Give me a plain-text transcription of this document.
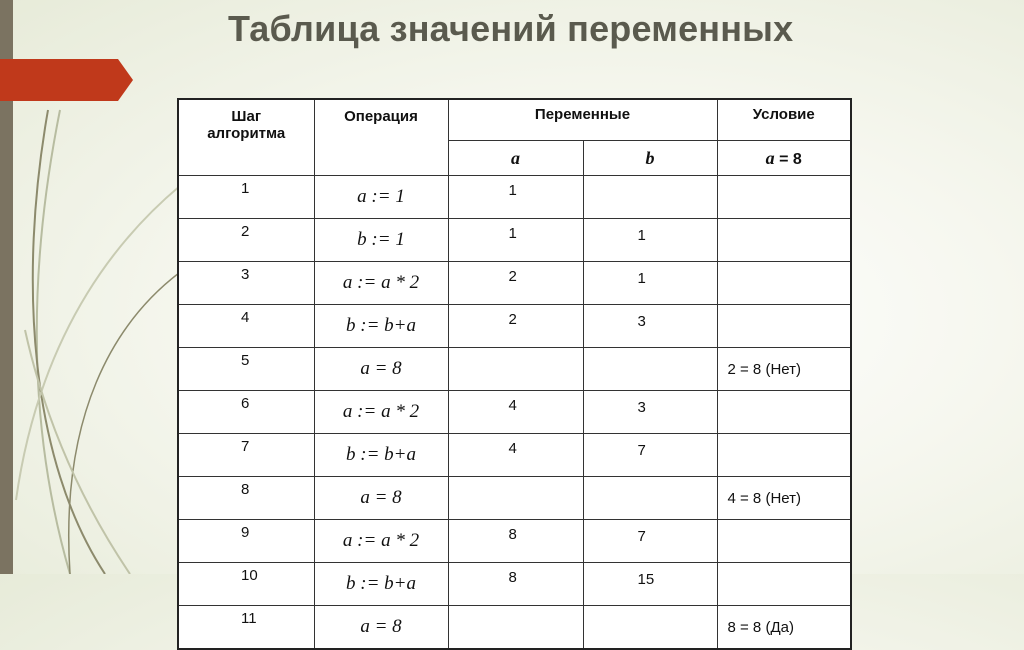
Таблица значений переменных
Шаг алгоритма	Операция	Переменные		Условие
		a	b	a = 8
1	a := 1	1		
2	b := 1	1	1	
3	a := a * 2	2	1	
4	b := b+a	2	3	
5	a = 8			2 = 8 (Нет)
6	a := a * 2	4	3	
7	b := b+a	4	7	
8	a = 8			4 = 8 (Нет)
9	a := a * 2	8	7	
10	b := b+a	8	15	
11	a = 8			8 = 8 (Да)
